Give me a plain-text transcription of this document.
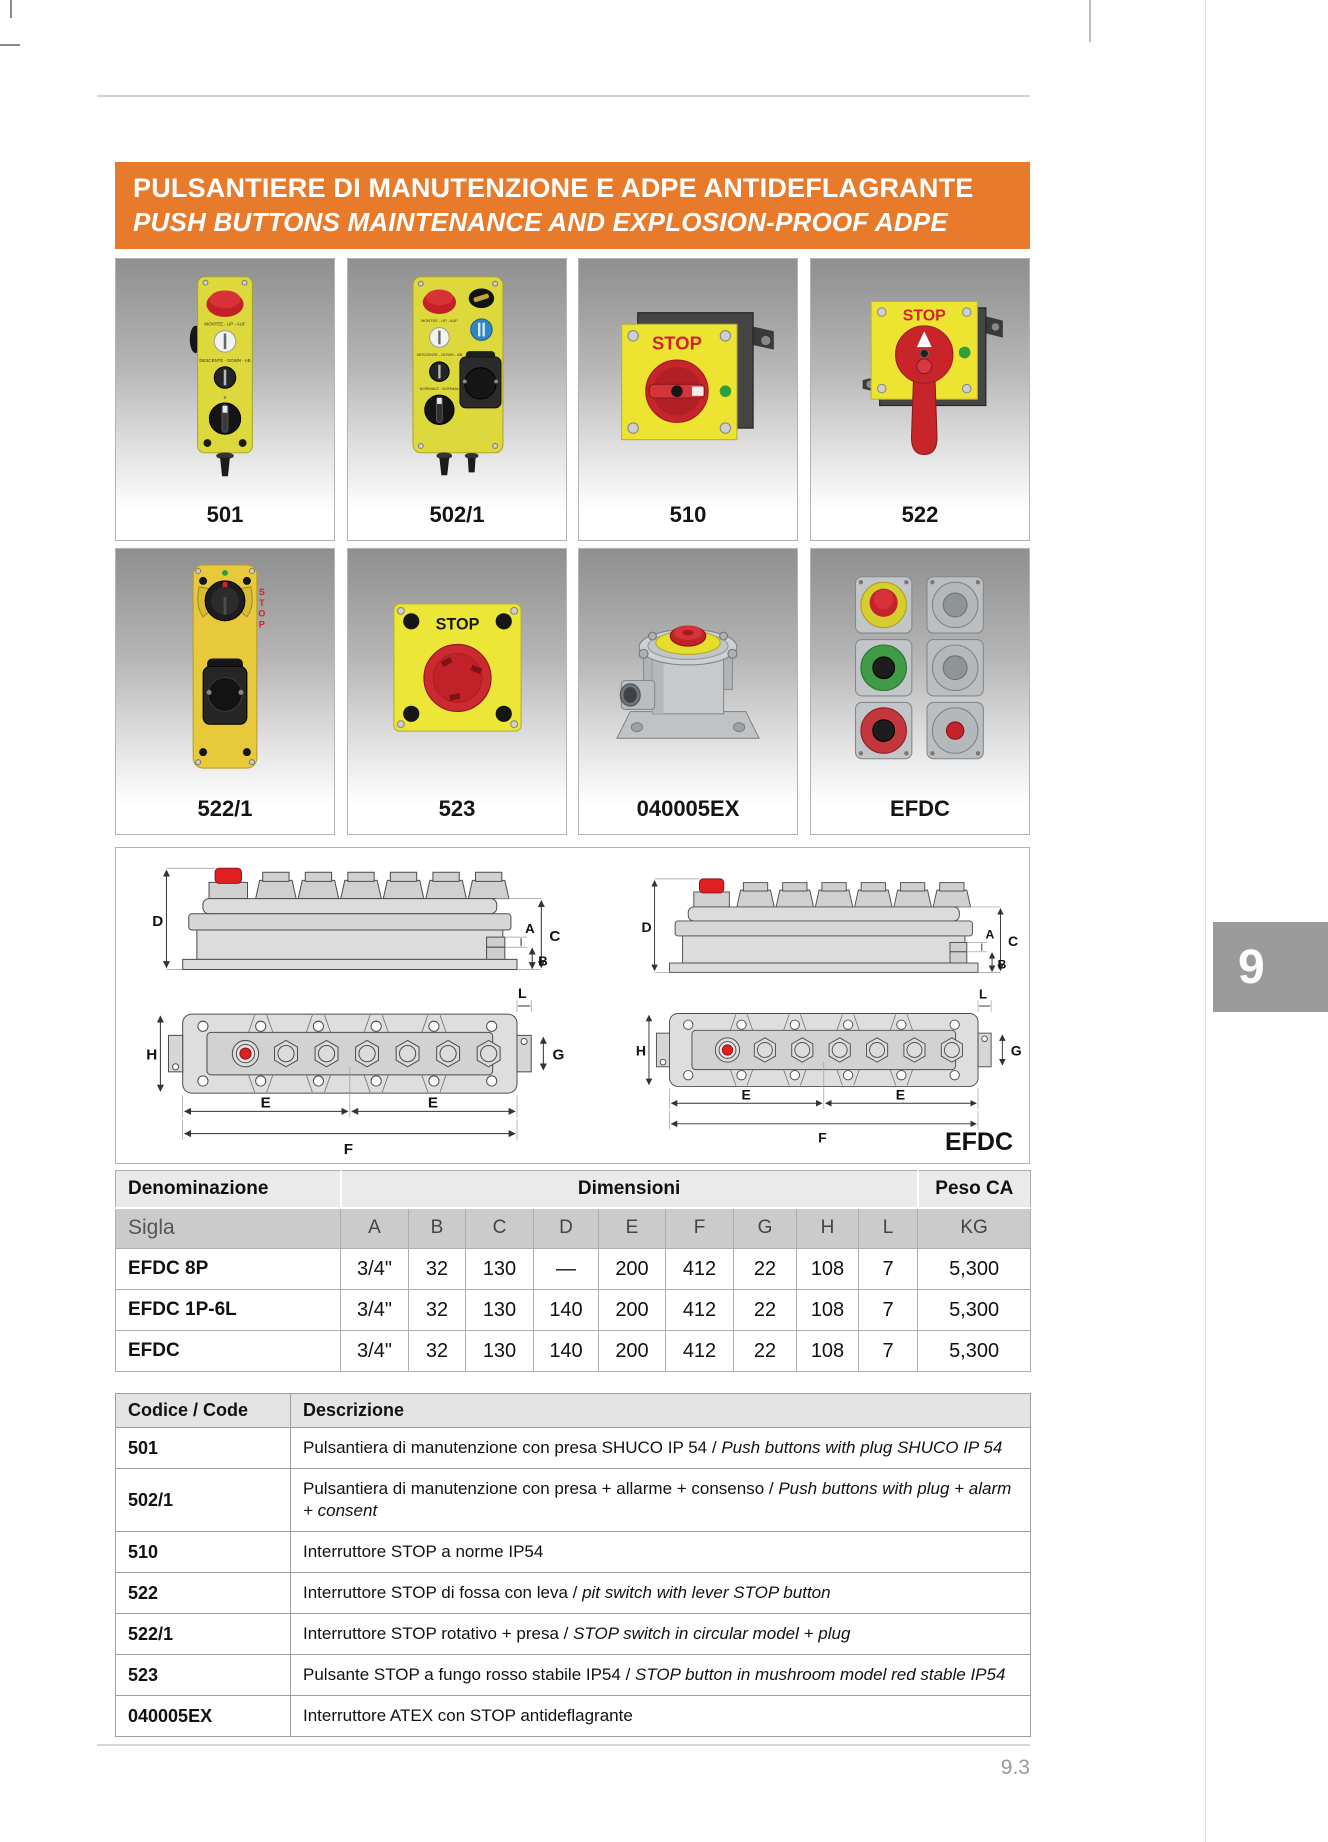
PULSANTIERE DI MANUTENZIONE E ADPE ANTIDEFLAGRANTE
PUSH BUTTONS MAINTENANCE AND EXPLOSION-PROOF ADPE
MONTEE - UP - AUF
DESCENTE - DOWN - AB
0
501
MONTEE - UP - AUF
DESCENTE - DOWN - AB
NORMALE - NORMAL
502/1
STOP
510
STOP
522
S
T
O
P
522/1
STOP
523	040005EX	EFDC
D
C
A
B
H
L
G
E	E
F
D
C
A
B
H
L
G
E	E
F	EFDC
Denominazione	Dimensioni									Peso CA
Sigla	A	B	C	D	E	F	G	H	L	KG
EFDC 8P	3/4"	32	130	—	200	412	22	108	7	5,300
EFDC 1P-6L	3/4"	32	130	140	200	412	22	108	7	5,300
EFDC	3/4"	32	130	140	200	412	22	108	7	5,300
Codice / Code	Descrizione
501	Pulsantiera di manutenzione con presa SHUCO IP 54 / Push buttons with plug SHUCO IP 54
502/1	Pulsantiera di manutenzione con presa + allarme + consenso / Push buttons with plug + alarm + consent
510	Interruttore STOP a norme IP54
522	Interruttore STOP di fossa con leva / pit switch with lever STOP button
522/1	Interruttore STOP rotativo + presa / STOP switch in circular model + plug
523	Pulsante STOP a fungo rosso stabile IP54 / STOP button in mushroom model red stable IP54
040005EX	Interruttore ATEX con STOP antideflagrante
9
9.3
